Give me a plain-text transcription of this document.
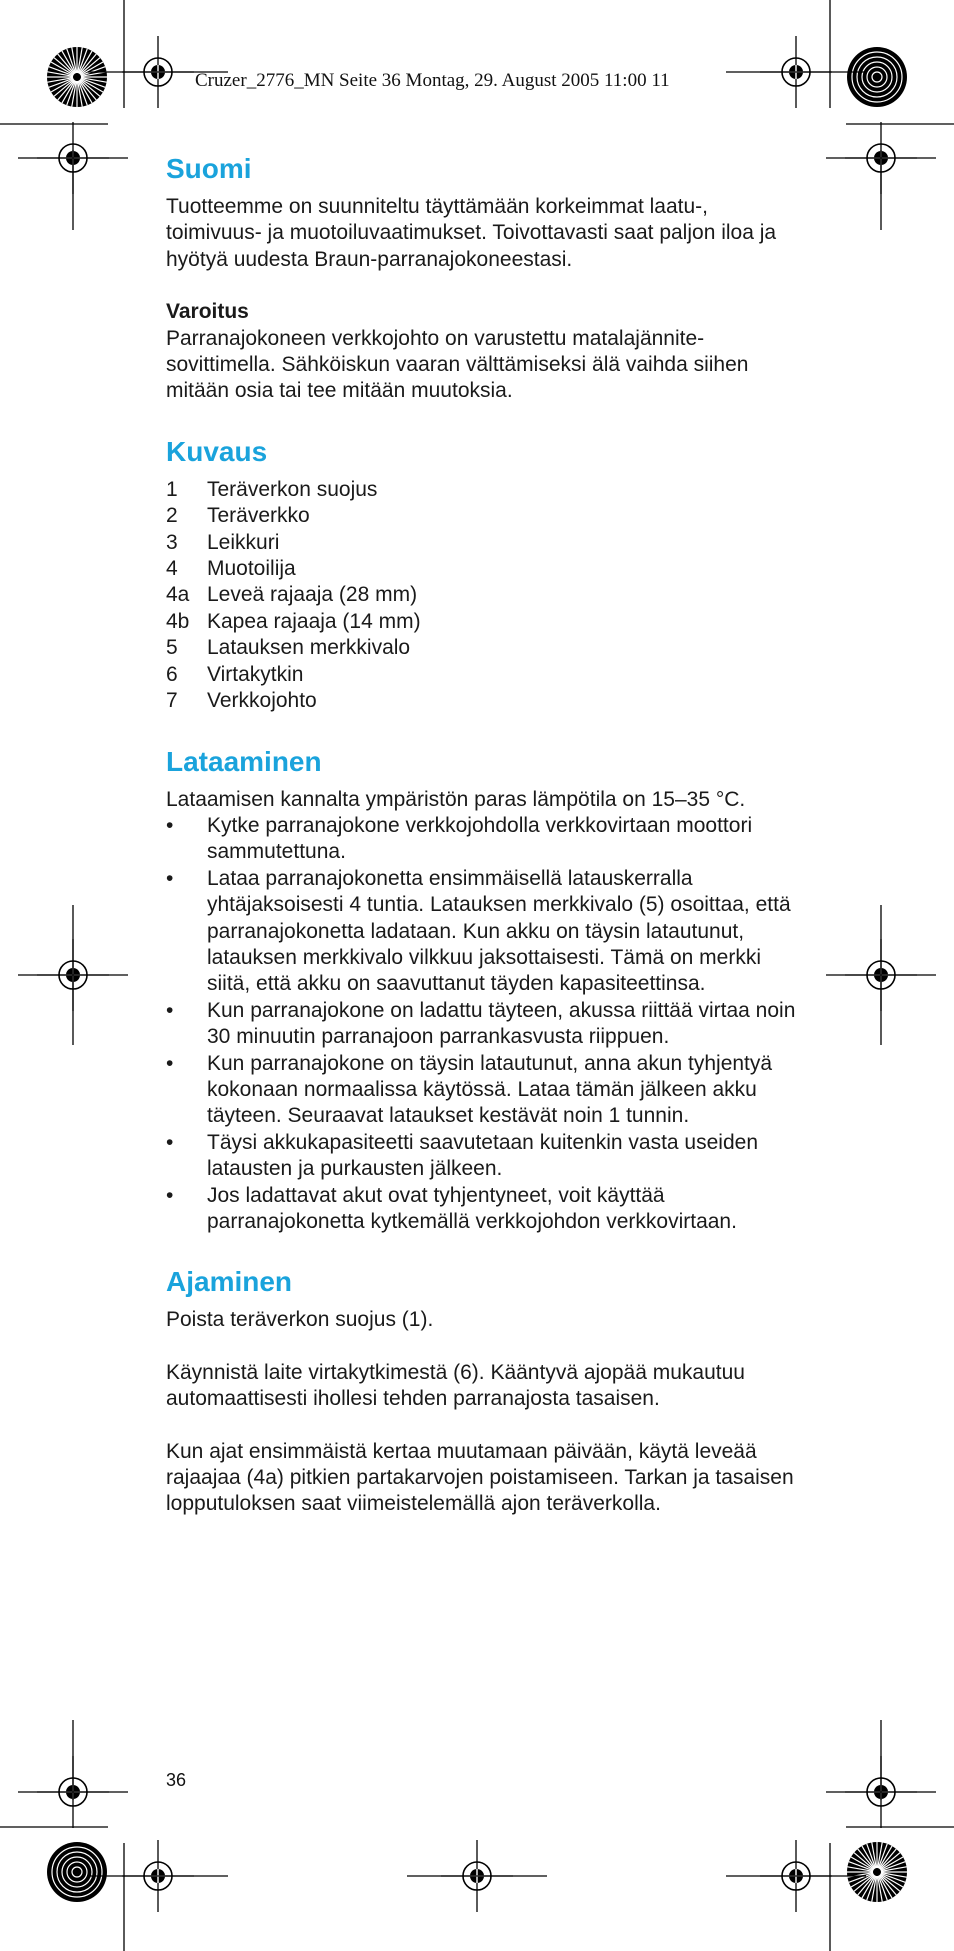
Cruzer_2776_MN Seite 36 Montag, 29. August 2005 11:00 11
Suomi

Tuotteemme on suunniteltu täyttämään korkeimmat laatu-, toimivuus- ja muotoiluvaatimukset. Toivottavasti saat paljon iloa ja hyötyä uudesta Braun-parranajokoneestasi.

Varoitus

Parranajokoneen verkkojohto on varustettu matalajännite-sovittimella. Sähköiskun vaaran välttämiseksi älä vaihda siihen mitään osia tai tee mitään muutoksia.

Kuvaus
1	Teräverkon suojus
2	Teräverkko
3	Leikkuri
4	Muotoilija
4a Leveä rajaaja (28 mm)
4b Kapea rajaaja (14 mm)
5	Latauksen merkkivalo
6	Virtakytkin
7	Verkkojohto
Lataaminen

Lataamisen kannalta ympäristön paras lämpötila on 15–35 °C.

•	Kytke parranajokone verkkojohdolla verkkovirtaan moottori sammutettuna.
•	Lataa parranajokonetta ensimmäisellä latauskerralla yhtäjaksoisesti 4 tuntia. Latauksen merkkivalo (5) osoittaa, että parranajokonetta ladataan. Kun akku on täysin latautunut, latauksen merkkivalo vilkkuu jaksottaisesti. Tämä on merkki siitä, että akku on saavuttanut täyden kapasiteettinsa.
•	Kun parranajokone on ladattu täyteen, akussa riittää virtaa noin 30 minuutin parranajoon parrankasvusta riippuen.
•	Kun parranajokone on täysin latautunut, anna akun tyhjentyä kokonaan normaalissa käytössä. Lataa tämän jälkeen akku täyteen. Seuraavat lataukset kestävät noin 1 tunnin.
•	Täysi akkukapasiteetti saavutetaan kuitenkin vasta useiden latausten ja purkausten jälkeen.
•	Jos ladattavat akut ovat tyhjentyneet, voit käyttää parranajokonetta kytkemällä verkkojohdon verkkovirtaan.
Ajaminen

Poista teräverkon suojus (1).

Käynnistä laite virtakytkimestä (6). Kääntyvä ajopää mukautuu automaattisesti ihollesi tehden parranajosta tasaisen.

Kun ajat ensimmäistä kertaa muutamaan päivään, käytä leveää rajaajaa (4a) pitkien partakarvojen poistamiseen. Tarkan ja tasaisen lopputuloksen saat viimeistelemällä ajon teräverkolla.

36
